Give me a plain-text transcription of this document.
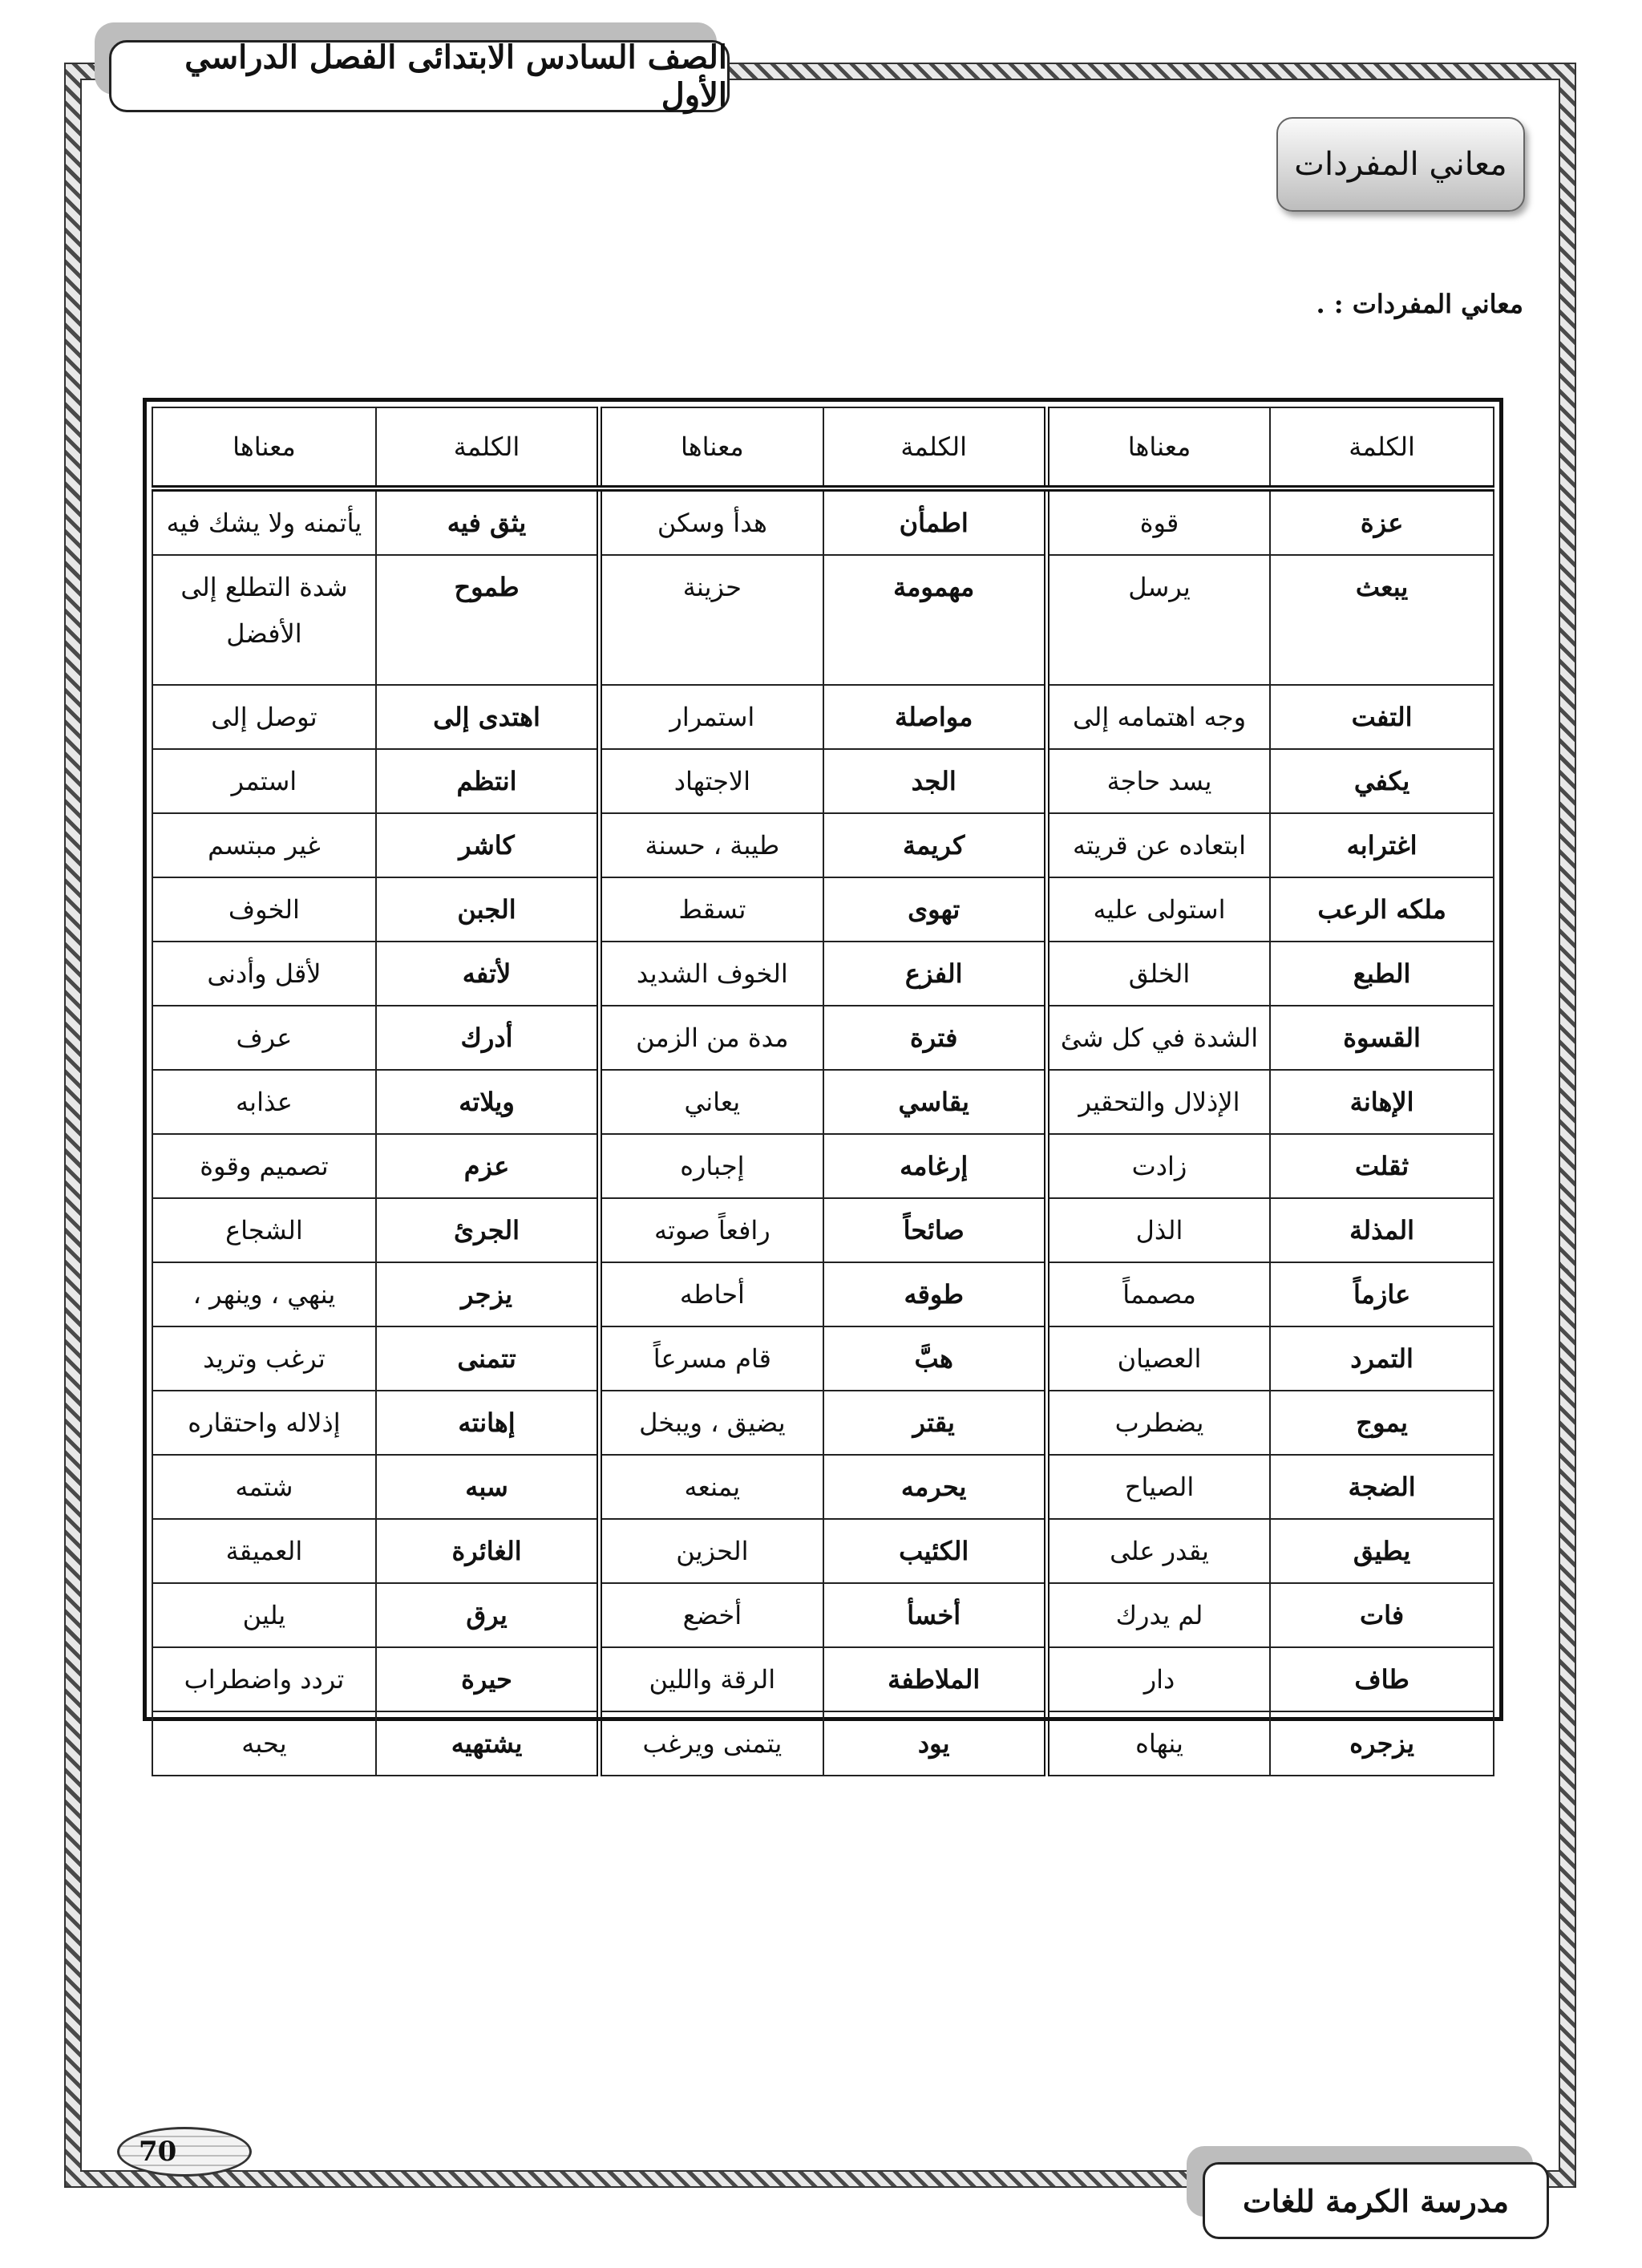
الصف السادس الابتدائى الفصل الدراسي الأول
معاني المفردات
معاني المفردات : .
الكلمة	معناها	الكلمة	معناها	الكلمة	معناها
عزة	قوة	اطمأن	هدأ وسكن	يثق فيه	يأتمنه ولا يشك فيه
يبعث	يرسل	مهمومة	حزينة	طموح	شدة التطلع إلى الأفضل
التفت	وجه اهتمامه إلى	مواصلة	استمرار	اهتدى إلى	توصل إلى
يكفي	يسد حاجة	الجد	الاجتهاد	انتظم	استمر
اغترابه	ابتعاده عن قريته	كريمة	طيبة ، حسنة	كاشر	غير مبتسم
ملكه الرعب	استولى عليه	تهوى	تسقط	الجبن	الخوف
الطبع	الخلق	الفزع	الخوف الشديد	لأتفه	لأقل وأدنى
القسوة	الشدة في كل شئ	فترة	مدة من الزمن	أدرك	عرف
الإهانة	الإذلال والتحقير	يقاسي	يعاني	ويلاته	عذابه
ثقلت	زادت	إرغامه	إجباره	عزم	تصميم وقوة
المذلة	الذل	صائحاً	رافعاً صوته	الجرئ	الشجاع
عازماً	مصمماً	طوقه	أحاطه	يزجر	ينهي ، وينهر ،
التمرد	العصيان	هبَّ	قام مسرعاً	تتمنى	ترغب وتريد
يموج	يضطرب	يقتر	يضيق ، ويبخل	إهانته	إذلاله واحتقاره
الضجة	الصياح	يحرمه	يمنعه	سبه	شتمه
يطيق	يقدر على	الكئيب	الحزين	الغائرة	العميقة
فات	لم يدرك	أخسأ	أخضع	يرق	يلين
طاف	دار	الملاطفة	الرقة واللين	حيرة	تردد واضطراب
يزجره	ينهاه	يود	يتمنى ويرغب	يشتهيه	يحبه
70
مدرسة الكرمة للغات
